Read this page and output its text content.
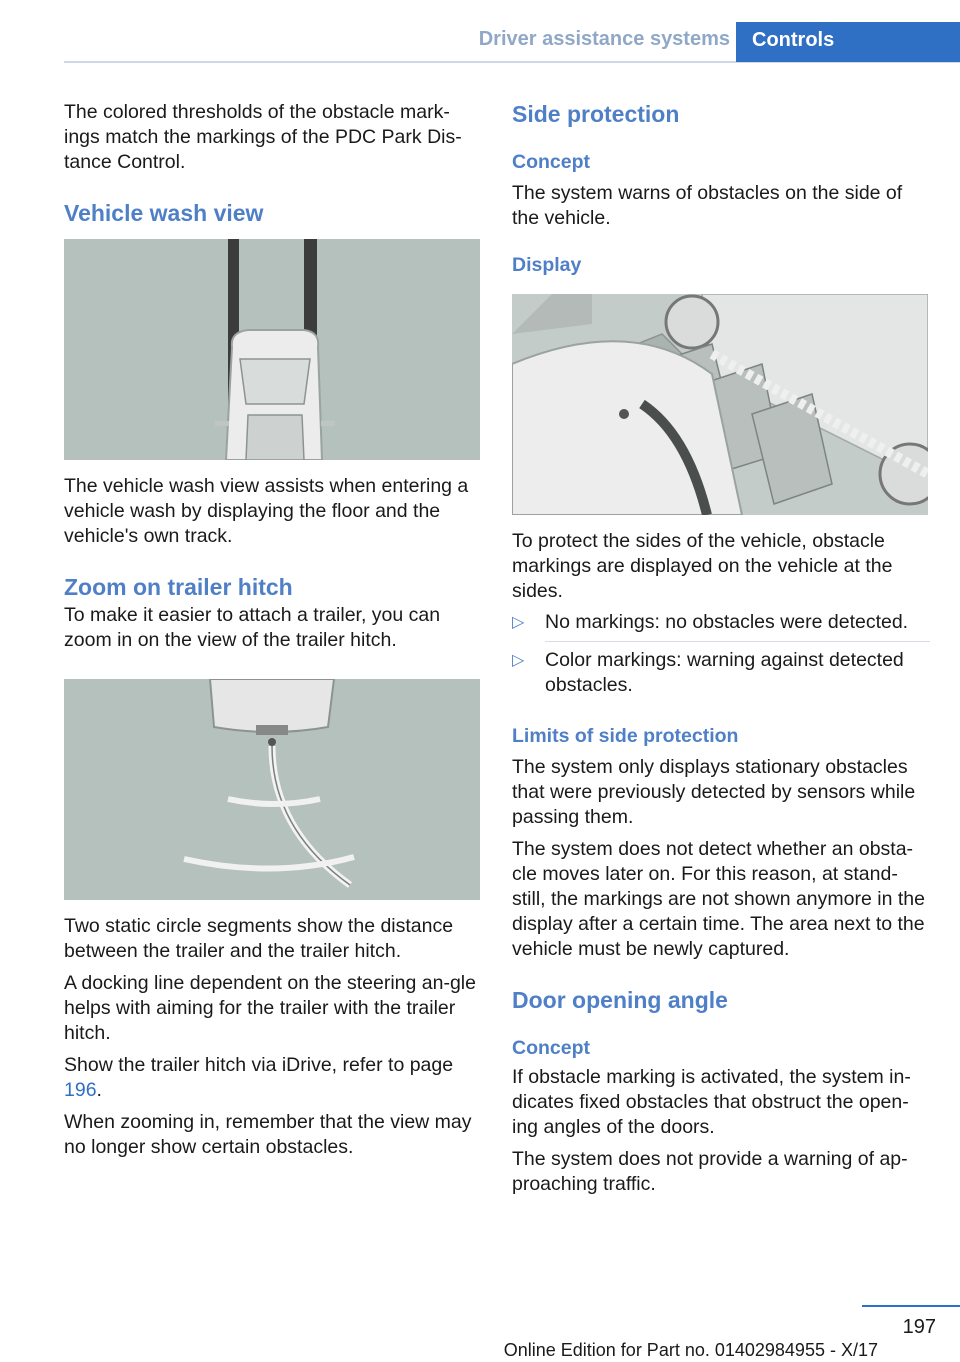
Driver assistance systems	Controls

The colored thresholds of the obstacle mark-ings match the markings of the PDC Park Dis-tance Control.

Vehicle wash view

The vehicle wash view assists when entering a vehicle wash by displaying the floor and the vehicle's own track.

Zoom on trailer hitch

To make it easier to attach a trailer, you can zoom in on the view of the trailer hitch.

Two static circle segments show the distance between the trailer and the trailer hitch.

A docking line dependent on the steering an-gle helps with aiming for the trailer with the trailer hitch.

Show the trailer hitch via iDrive, refer to page 196.

When zooming in, remember that the view may no longer show certain obstacles.

Side protection
Concept

The system warns of obstacles on the side of the vehicle.

Display

To protect the sides of the vehicle, obstacle markings are displayed on the vehicle at the sides.

▷ No markings: no obstacles were detected.
▷ Color markings: warning against detected obstacles.
Limits of side protection

The system only displays stationary obstacles that were previously detected by sensors while passing them.

The system does not detect whether an obsta-cle moves later on. For this reason, at stand-still, the markings are not shown anymore in the display after a certain time. The area next to the vehicle must be newly captured.

Door opening angle
Concept

If obstacle marking is activated, the system in-dicates fixed obstacles that obstruct the open-ing angles of the doors.

The system does not provide a warning of ap-proaching traffic.

197
Online Edition for Part no. 01402984955 - X/17
